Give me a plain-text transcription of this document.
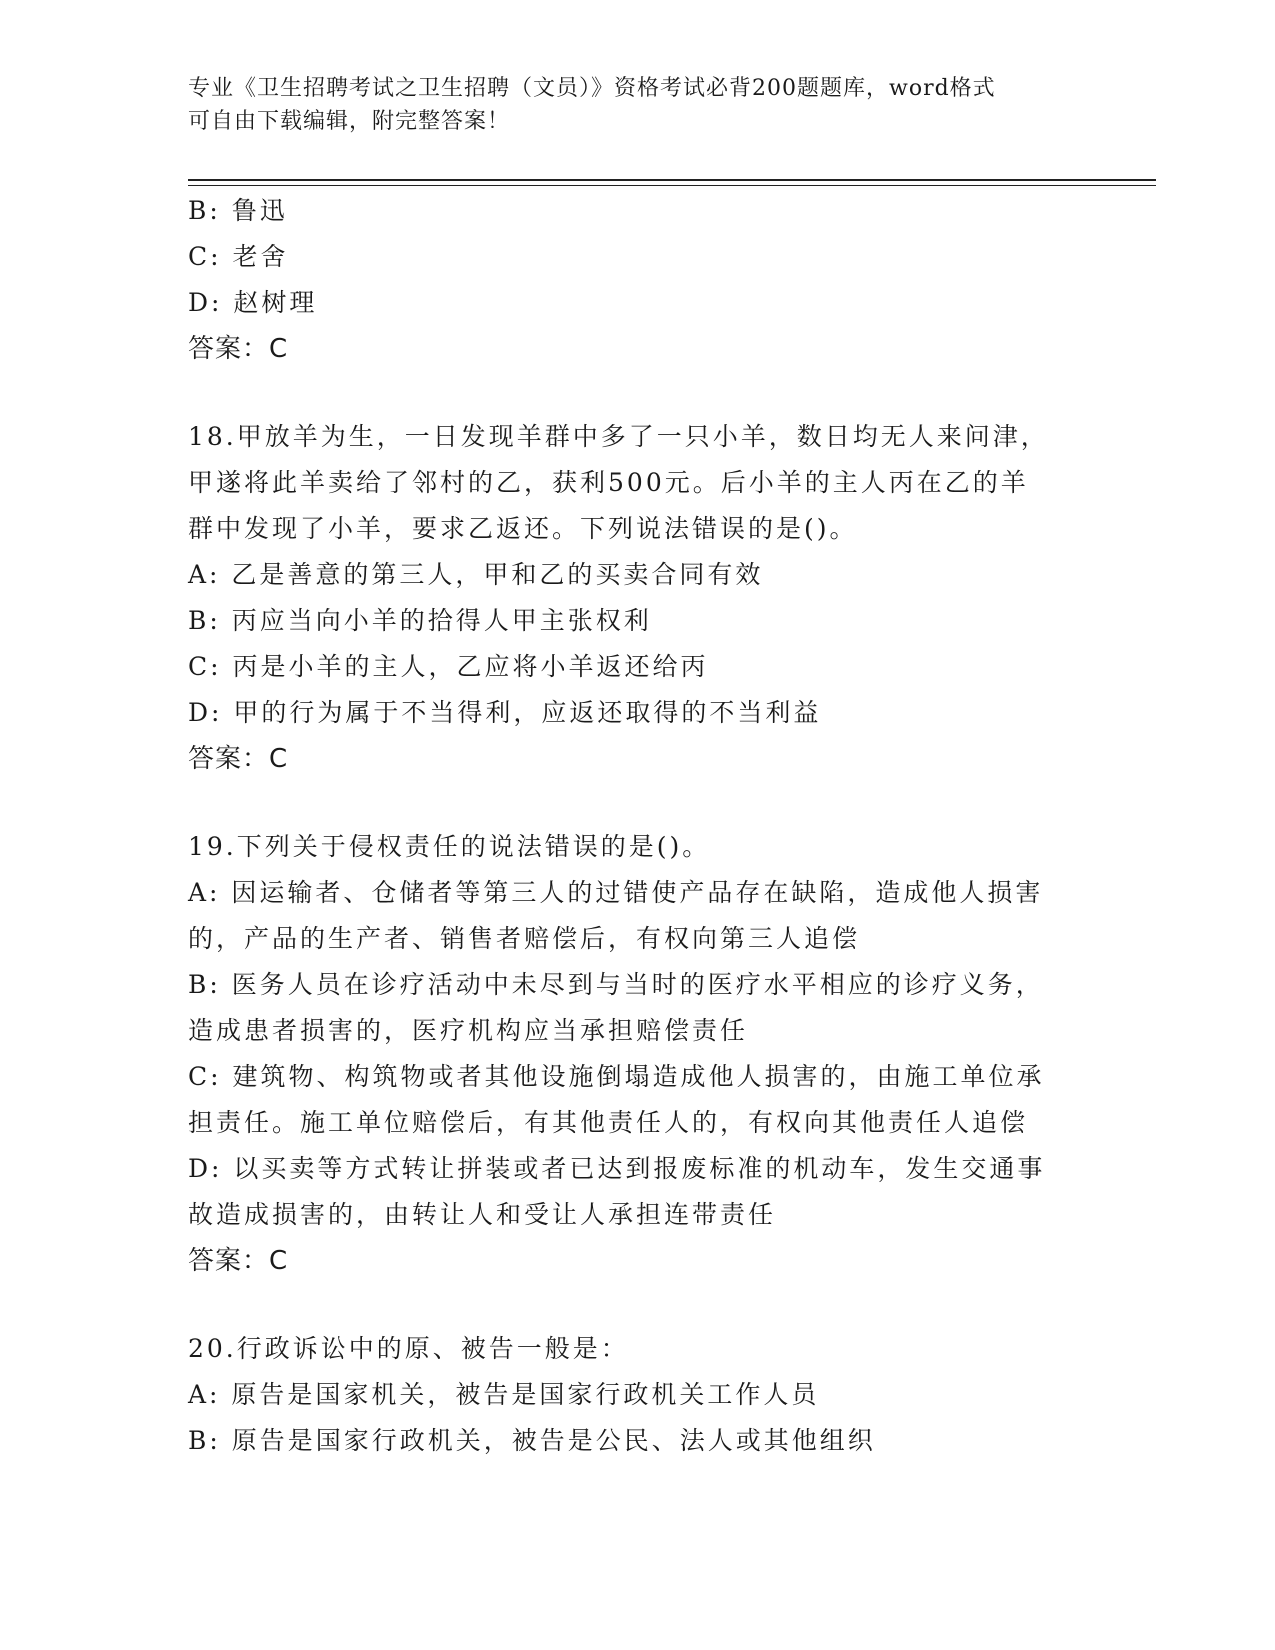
专业《卫生招聘考试之卫生招聘（文员）》资格考试必背200题题库，word格式
可自由下载编辑，附完整答案！
B: 鲁迅
C: 老舍
D: 赵树理
答案：C
18.甲放羊为生，一日发现羊群中多了一只小羊，数日均无人来问津，
甲遂将此羊卖给了邻村的乙，获利500元。后小羊的主人丙在乙的羊
群中发现了小羊，要求乙返还。下列说法错误的是()。
A: 乙是善意的第三人，甲和乙的买卖合同有效
B: 丙应当向小羊的拾得人甲主张权利
C: 丙是小羊的主人，乙应将小羊返还给丙
D: 甲的行为属于不当得利，应返还取得的不当利益
答案：C
19.下列关于侵权责任的说法错误的是()。
A: 因运输者、仓储者等第三人的过错使产品存在缺陷，造成他人损害
的，产品的生产者、销售者赔偿后，有权向第三人追偿
B: 医务人员在诊疗活动中未尽到与当时的医疗水平相应的诊疗义务，
造成患者损害的，医疗机构应当承担赔偿责任
C: 建筑物、构筑物或者其他设施倒塌造成他人损害的，由施工单位承
担责任。施工单位赔偿后，有其他责任人的，有权向其他责任人追偿
D: 以买卖等方式转让拼装或者已达到报废标准的机动车，发生交通事
故造成损害的，由转让人和受让人承担连带责任
答案：C
20.行政诉讼中的原、被告一般是：
A: 原告是国家机关，被告是国家行政机关工作人员
B: 原告是国家行政机关，被告是公民、法人或其他组织
